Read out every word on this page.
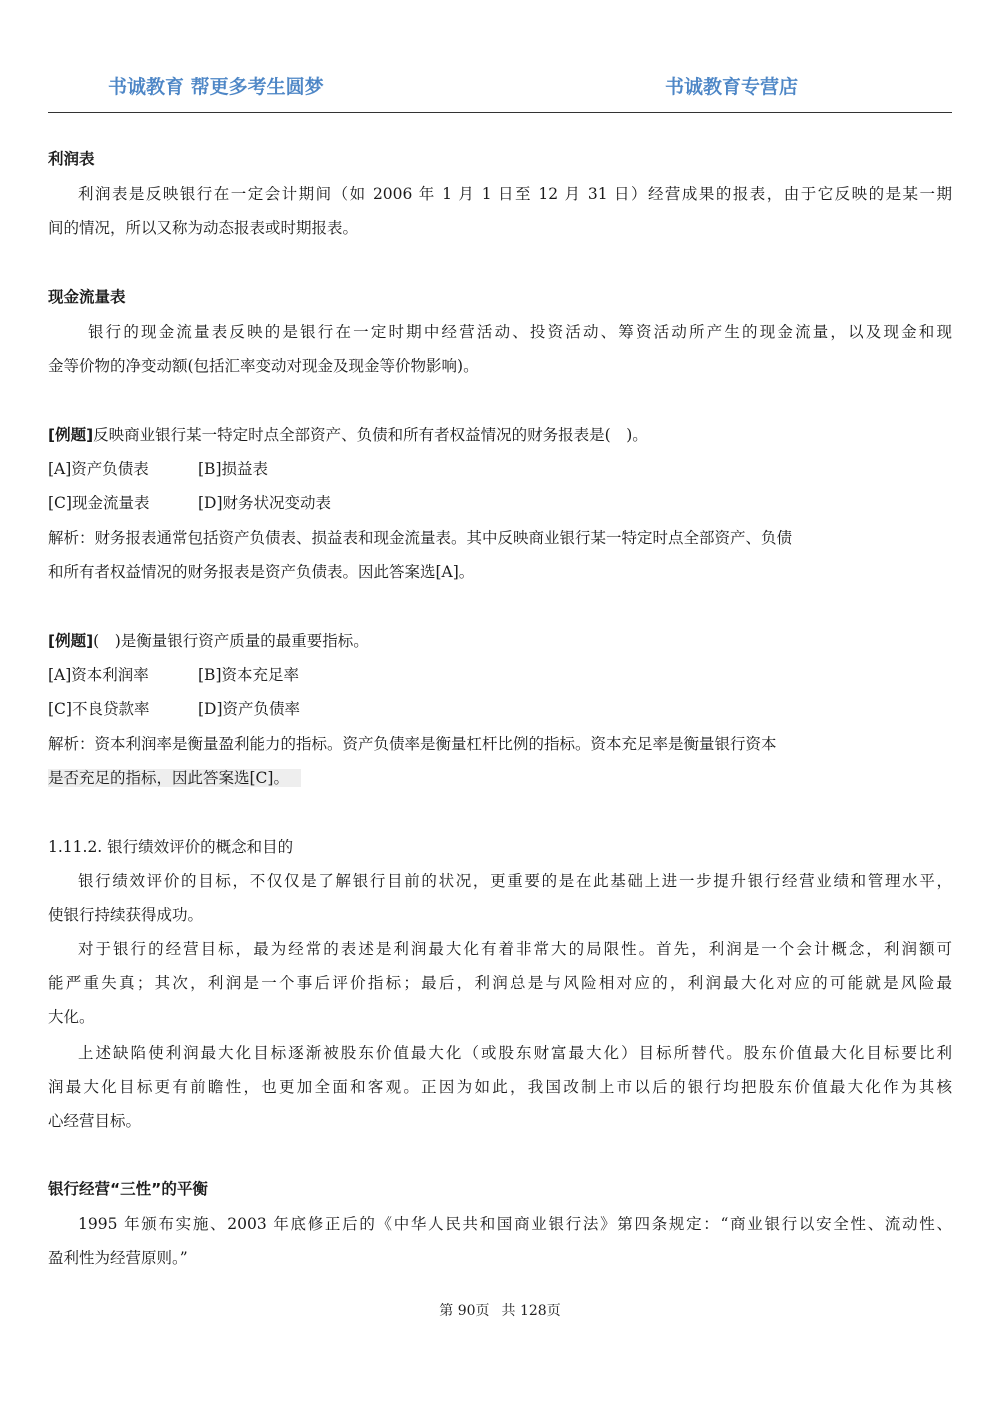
书诚教育 帮更多考生圆梦	书诚教育专营店
利润表
利润表是反映银行在一定会计期间（如 2006 年 1 月 1 日至 12 月 31 日）经营成果的报表，由于它反映的是某一期
间的情况，所以又称为动态报表或时期报表。
现金流量表
银行的现金流量表反映的是银行在一定时期中经营活动、投资活动、筹资活动所产生的现金流量，以及现金和现
金等价物的净变动额(包括汇率变动对现金及现金等价物影响)。
[例题]反映商业银行某一特定时点全部资产、负债和所有者权益情况的财务报表是(　)。
[A]资产负债表	[B]损益表
[C]现金流量表	[D]财务状况变动表
解析：财务报表通常包括资产负债表、损益表和现金流量表。其中反映商业银行某一特定时点全部资产、负债
和所有者权益情况的财务报表是资产负债表。因此答案选[A]。
[例题](　)是衡量银行资产质量的最重要指标。
[A]资本利润率	[B]资本充足率
[C]不良贷款率	[D]资产负债率
解析：资本利润率是衡量盈利能力的指标。资产负债率是衡量杠杆比例的指标。资本充足率是衡量银行资本
是否充足的指标，因此答案选[C]。
1.11.2. 银行绩效评价的概念和目的
银行绩效评价的目标，不仅仅是了解银行目前的状况，更重要的是在此基础上进一步提升银行经营业绩和管理水平，
使银行持续获得成功。
对于银行的经营目标，最为经常的表述是利润最大化有着非常大的局限性。首先，利润是一个会计概念，利润额可
能严重失真；其次，利润是一个事后评价指标；最后，利润总是与风险相对应的，利润最大化对应的可能就是风险最
大化。
上述缺陷使利润最大化目标逐渐被股东价值最大化（或股东财富最大化）目标所替代。股东价值最大化目标要比利
润最大化目标更有前瞻性，也更加全面和客观。正因为如此，我国改制上市以后的银行均把股东价值最大化作为其核
心经营目标。
银行经营“三性”的平衡
1995 年颁布实施、2003 年底修正后的《中华人民共和国商业银行法》第四条规定：“商业银行以安全性、流动性、
盈利性为经营原则。”
第 90页 共 128页
